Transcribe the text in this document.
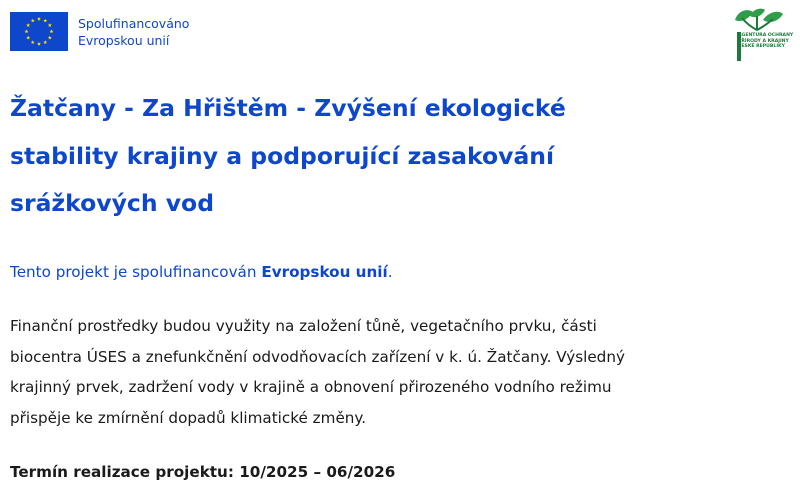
Spolufinancováno
Evropskou unií	AGENTURA OCHRANY
PŘÍRODY A KRAJINY
ČESKÉ REPUBLIKY
Žatčany - Za Hřištěm - Zvýšení ekologické
stability krajiny a podporující zasakování
srážkových vod

Tento projekt je spolufinancován Evropskou unií.

Finanční prostředky budou využity na založení tůně, vegetačního prvku, části
biocentra ÚSES a znefunkčnění odvodňovacích zařízení v k. ú. Žatčany. Výsledný
krajinný prvek, zadržení vody v krajině a obnovení přirozeného vodního režimu
přispěje ke zmírnění dopadů klimatické změny.

Termín realizace projektu: 10/2025 – 06/2026
